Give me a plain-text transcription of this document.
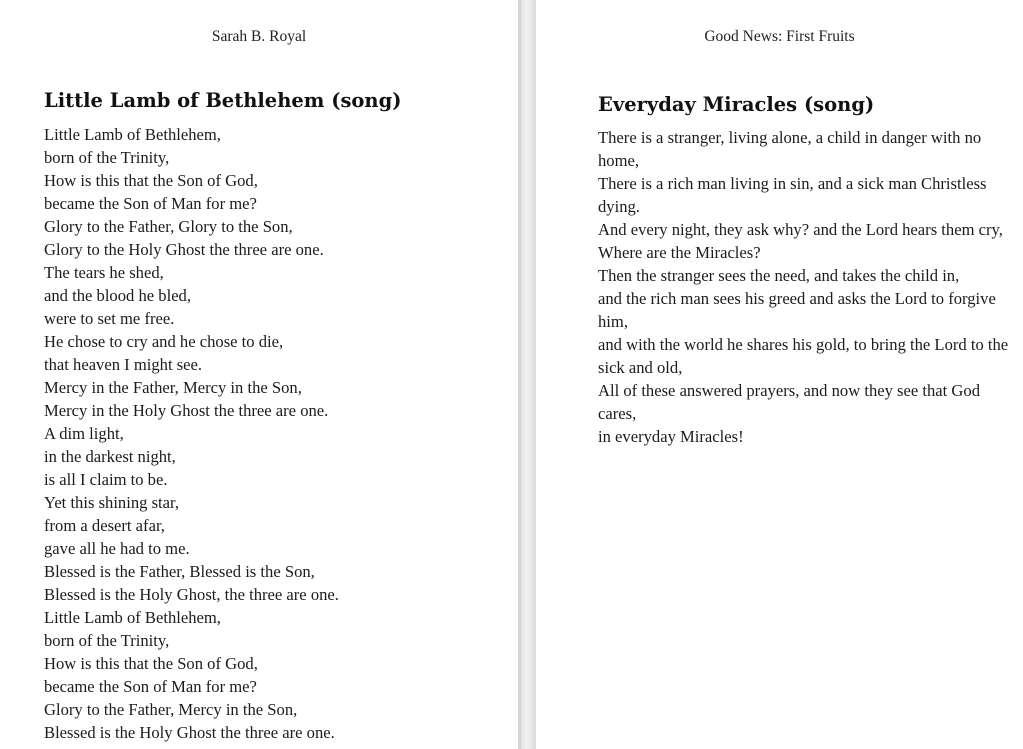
Sarah B. Royal
Little Lamb of Bethlehem (song)
Little Lamb of Bethlehem,
born of the Trinity,
How is this that the Son of God,
became the Son of Man for me?
Glory to the Father, Glory to the Son,
Glory to the Holy Ghost the three are one.
The tears he shed,
and the blood he bled,
were to set me free.
He chose to cry and he chose to die,
that heaven I might see.
Mercy in the Father, Mercy in the Son,
Mercy in the Holy Ghost the three are one.
A dim light,
in the darkest night,
is all I claim to be.
Yet this shining star,
from a desert afar,
gave all he had to me.
Blessed is the Father, Blessed is the Son,
Blessed is the Holy Ghost, the three are one.
Little Lamb of Bethlehem,
born of the Trinity,
How is this that the Son of God,
became the Son of Man for me?
Glory to the Father, Mercy in the Son,
Blessed is the Holy Ghost the three are one.
Good News: First Fruits
Everyday Miracles (song)
There is a stranger, living alone, a child in danger with no home,
There is a rich man living in sin, and a sick man Christless dying.
And every night, they ask why? and the Lord hears them cry,
Where are the Miracles?
Then the stranger sees the need, and takes the child in,
and the rich man sees his greed and asks the Lord to forgive him,
and with the world he shares his gold, to bring the Lord to the sick and old,
All of these answered prayers, and now they see that God cares,
in everyday Miracles!
